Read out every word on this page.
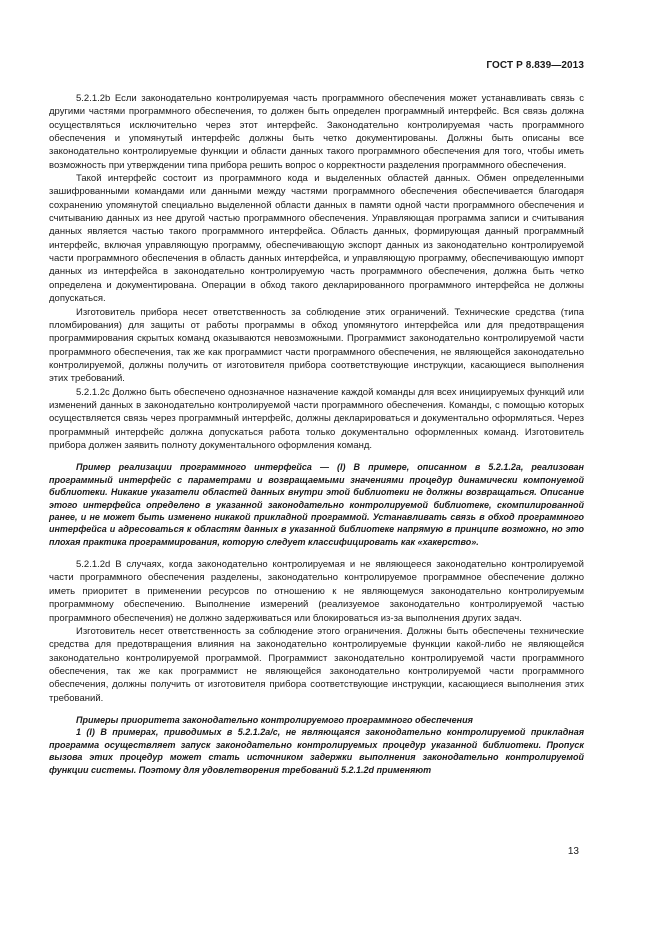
ГОСТ Р 8.839—2013

5.2.1.2b Если законодательно контролируемая часть программного обеспечения может устанавливать связь с другими частями программного обеспечения, то должен быть определен программный интерфейс. Вся связь должна осуществляться исключительно через этот интерфейс. Законодательно контролируемая часть программного обеспечения и упомянутый интерфейс должны быть четко документированы. Должны быть описаны все законодательно контролируемые функции и области данных такого программного обеспечения для того, чтобы иметь возможность при утверждении типа прибора решить вопрос о корректности разделения программного обеспечения.

Такой интерфейс состоит из программного кода и выделенных областей данных. Обмен определенными зашифрованными командами или данными между частями программного обеспечения обеспечивается благодаря сохранению упомянутой специально выделенной области данных в памяти одной части программного обеспечения и считыванию данных из нее другой частью программного обеспечения. Управляющая программа записи и считывания данных является частью такого программного интерфейса. Область данных, формирующая данный программный интерфейс, включая управляющую программу, обеспечивающую экспорт данных из законодательно контролируемой части программного обеспечения в область данных интерфейса, и управляющую программу, обеспечивающую импорт данных из интерфейса в законодательно контролируемую часть программного обеспечения, должна быть четко определена и документирована. Операции в обход такого декларированного программного интерфейса не должны допускаться.

Изготовитель прибора несет ответственность за соблюдение этих ограничений. Технические средства (типа пломбирования) для защиты от работы программы в обход упомянутого интерфейса или для предотвращения программирования скрытых команд оказываются невозможными. Программист законодательно контролируемой части программного обеспечения, так же как программист части программного обеспечения, не являющейся законодательно контролируемой, должны получить от изготовителя прибора соответствующие инструкции, касающиеся выполнения этих требований.

5.2.1.2c Должно быть обеспечено однозначное назначение каждой команды для всех инициируемых функций или изменений данных в законодательно контролируемой части программного обеспечения. Команды, с помощью которых осуществляется связь через программный интерфейс, должны декларироваться и документально оформляться. Через программный интерфейс должна допускаться работа только документально оформленных команд. Изготовитель прибора должен заявить полноту документального оформления команд.

Пример реализации программного интерфейса — (I) В примере, описанном в 5.2.1.2a, реализован программный интерфейс с параметрами и возвращаемыми значениями процедур динамически компонуемой библиотеки. Никакие указатели областей данных внутри этой библиотеки не должны возвращаться. Описание этого интерфейса определено в указанной законодательно контролируемой библиотеке, скомпилированной ранее, и не может быть изменено никакой прикладной программой. Устанавливать связь в обход программного интерфейса и адресоваться к областям данных в указанной библиотеке напрямую в принципе возможно, но это плохая практика программирования, которую следует классифицировать как «хакерство».

5.2.1.2d В случаях, когда законодательно контролируемая и не являющееся законодательно контролируемой части программного обеспечения разделены, законодательно контролируемое программное обеспечение должно иметь приоритет в применении ресурсов по отношению к не являющемуся законодательно контролируемым программному обеспечению. Выполнение измерений (реализуемое законодательно контролируемой частью программного обеспечения) не должно задерживаться или блокироваться из-за выполнения других задач.

Изготовитель несет ответственность за соблюдение этого ограничения. Должны быть обеспечены технические средства для предотвращения влияния на законодательно контролируемые функции какой-либо не являющейся законодательно контролируемой программой. Программист законодательно контролируемой части программного обеспечения, так же как программист не являющейся законодательно контролируемой части программного обеспечения, должны получить от изготовителя прибора соответствующие инструкции, касающиеся выполнения этих требований.

Примеры приоритета законодательно контролируемого программного обеспечения

1 (I) В примерах, приводимых в 5.2.1.2a/c, не являющаяся законодательно контролируемой прикладная программа осуществляет запуск законодательно контролируемых процедур указанной библиотеки. Пропуск вызова этих процедур может стать источником задержки выполнения законодательно контролируемой функции системы. Поэтому для удовлетворения требований 5.2.1.2d применяют

13
